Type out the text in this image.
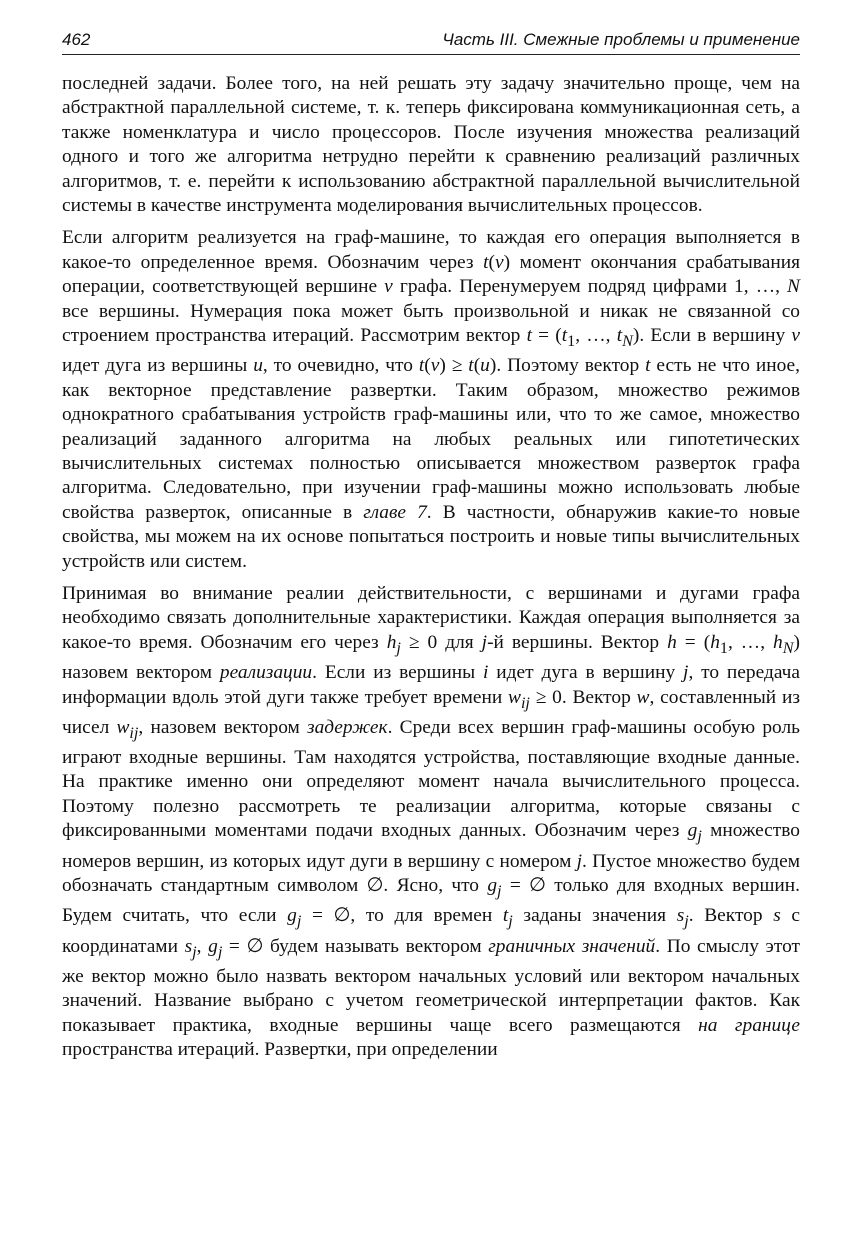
462	Часть III. Смежные проблемы и применение

последней задачи. Более того, на ней решать эту задачу значительно проще, чем на абстрактной параллельной системе, т. к. теперь фиксирована коммуникационная сеть, а также номенклатура и число процессоров. После изучения множества реализаций одного и того же алгоритма нетрудно перейти к сравнению реализаций различных алгоритмов, т. е. перейти к использованию абстрактной параллельной вычислительной системы в качестве инструмента моделирования вычислительных процессов.

Если алгоритм реализуется на граф-машине, то каждая его операция выполняется в какое-то определенное время. Обозначим через t(v) момент окончания срабатывания операции, соответствующей вершине v графа. Перенумеруем подряд цифрами 1, …, N все вершины. Нумерация пока может быть произвольной и никак не связанной со строением пространства итераций. Рассмотрим вектор $t = (t_1$, …, $t_N$). Если в вершину v идет дуга из вершины u, то очевидно, что t(v) ≥ t(u). Поэтому вектор t есть не что иное, как векторное представление развертки. Таким образом, множество режимов однократного срабатывания устройств граф-машины или, что то же самое, множество реализаций заданного алгоритма на любых реальных или гипотетических вычислительных системах полностью описывается множеством разверток графа алгоритма. Следовательно, при изучении граф-машины можно использовать любые свойства разверток, описанные в главе 7. В частности, обнаружив какие-то новые свойства, мы можем на их основе попытаться построить и новые типы вычислительных устройств или систем.

Принимая во внимание реалии действительности, с вершинами и дугами графа необходимо связать дополнительные характеристики. Каждая операция выполняется за какое-то время. Обозначим его через $h_j \ge 0$ для j-й вершины. Вектор $h = (h_1$, …, $h_N$) назовем вектором реализации. Если из вершины i идет дуга в вершину j, то передача информации вдоль этой дуги также требует времени $w_{ij} \ge 0$. Вектор w, составленный из чисел $w_{ij}$, назовем вектором задержек. Среди всех вершин граф-машины особую роль играют входные вершины. Там находятся устройства, поставляющие входные данные. На практике именно они определяют момент начала вычислительного процесса. Поэтому полезно рассмотреть те реализации алгоритма, которые связаны с фиксированными моментами подачи входных данных. Обозначим через $g_j$ множество номеров вершин, из которых идут дуги в вершину с номером j. Пустое множество будем обозначать стандартным символом ∅. Ясно, что $g_j$ = ∅ только для входных вершин. Будем считать, что если $g_j$ = ∅, то для времен $t_j$ заданы значения $s_j$. Вектор s с координатами $s_j$, $g_j$ = ∅ будем называть вектором граничных значений. По смыслу этот же вектор можно было назвать вектором начальных условий или вектором начальных значений. Название выбрано с учетом геометрической интерпретации фактов. Как показывает практика, входные вершины чаще всего размещаются на границе пространства итераций. Развертки, при определении
